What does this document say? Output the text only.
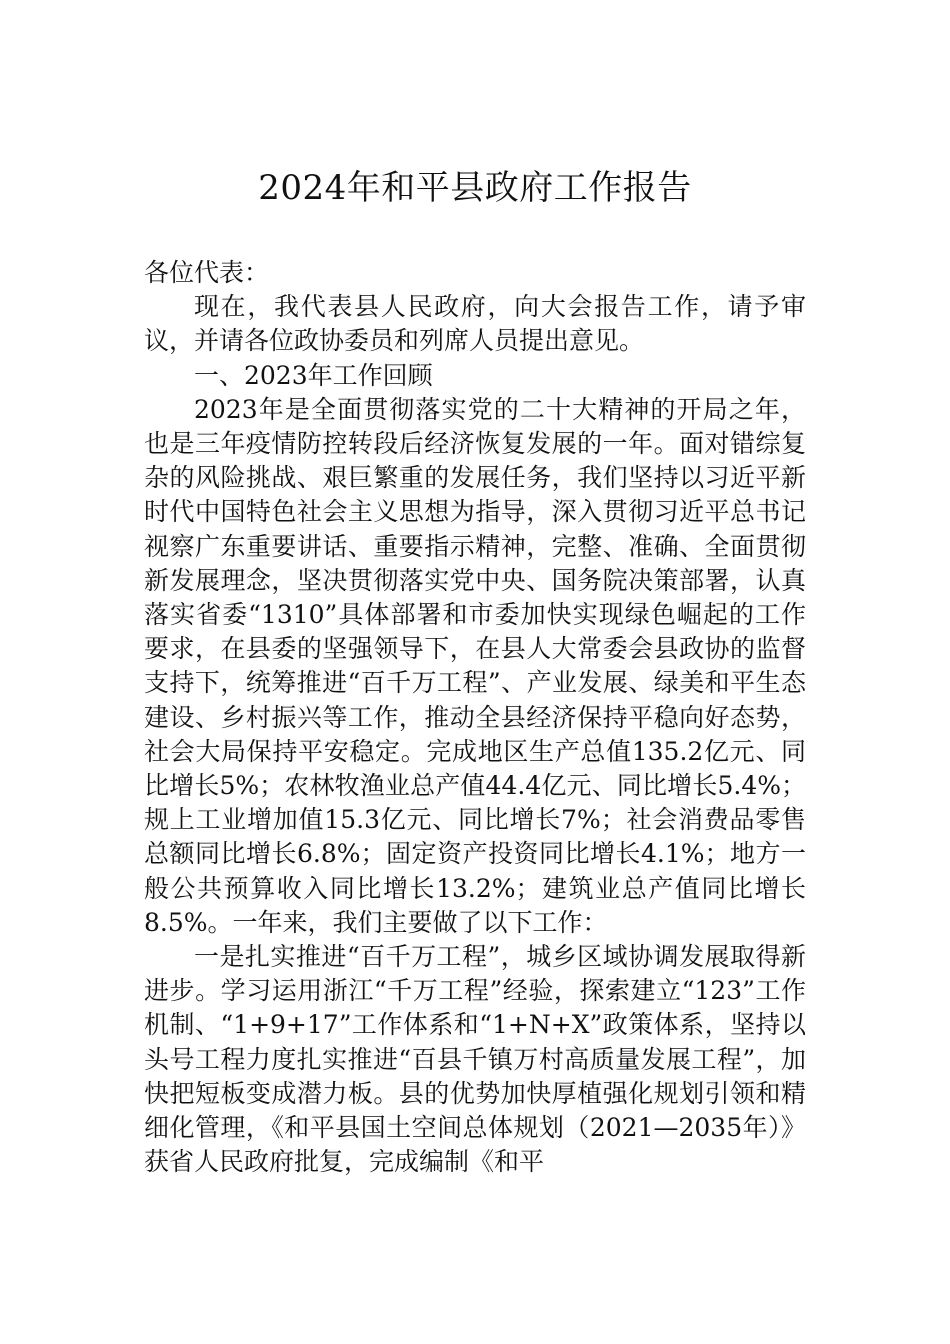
2024年和平县政府工作报告

各位代表：

现在，我代表县人民政府，向大会报告工作，请予审议，并请各位政协委员和列席人员提出意见。

一、2023年工作回顾

2023年是全面贯彻落实党的二十大精神的开局之年，也是三年疫情防控转段后经济恢复发展的一年。面对错综复杂的风险挑战、艰巨繁重的发展任务，我们坚持以习近平新时代中国特色社会主义思想为指导，深入贯彻习近平总书记视察广东重要讲话、重要指示精神，完整、准确、全面贯彻新发展理念，坚决贯彻落实党中央、国务院决策部署，认真落实省委“1310”具体部署和市委加快实现绿色崛起的工作要求，在县委的坚强领导下，在县人大常委会县政协的监督支持下，统筹推进“百千万工程”、产业发展、绿美和平生态建设、乡村振兴等工作，推动全县经济保持平稳向好态势，社会大局保持平安稳定。完成地区生产总值135.2亿元、同比增长5%；农林牧渔业总产值44.4亿元、同比增长5.4%；规上工业增加值15.3亿元、同比增长7%；社会消费品零售总额同比增长6.8%；固定资产投资同比增长4.1%；地方一般公共预算收入同比增长13.2%；建筑业总产值同比增长8.5%。一年来，我们主要做了以下工作：

一是扎实推进“百千万工程”，城乡区域协调发展取得新进步。学习运用浙江“千万工程”经验，探索建立“123”工作机制、“1+9+17”工作体系和“1+N+X”政策体系，坚持以头号工程力度扎实推进“百县千镇万村高质量发展工程”，加快把短板变成潜力板。县的优势加快厚植强化规划引领和精细化管理，《和平县国土空间总体规划（2021—2035年）》获省人民政府批复，完成编制《和平
